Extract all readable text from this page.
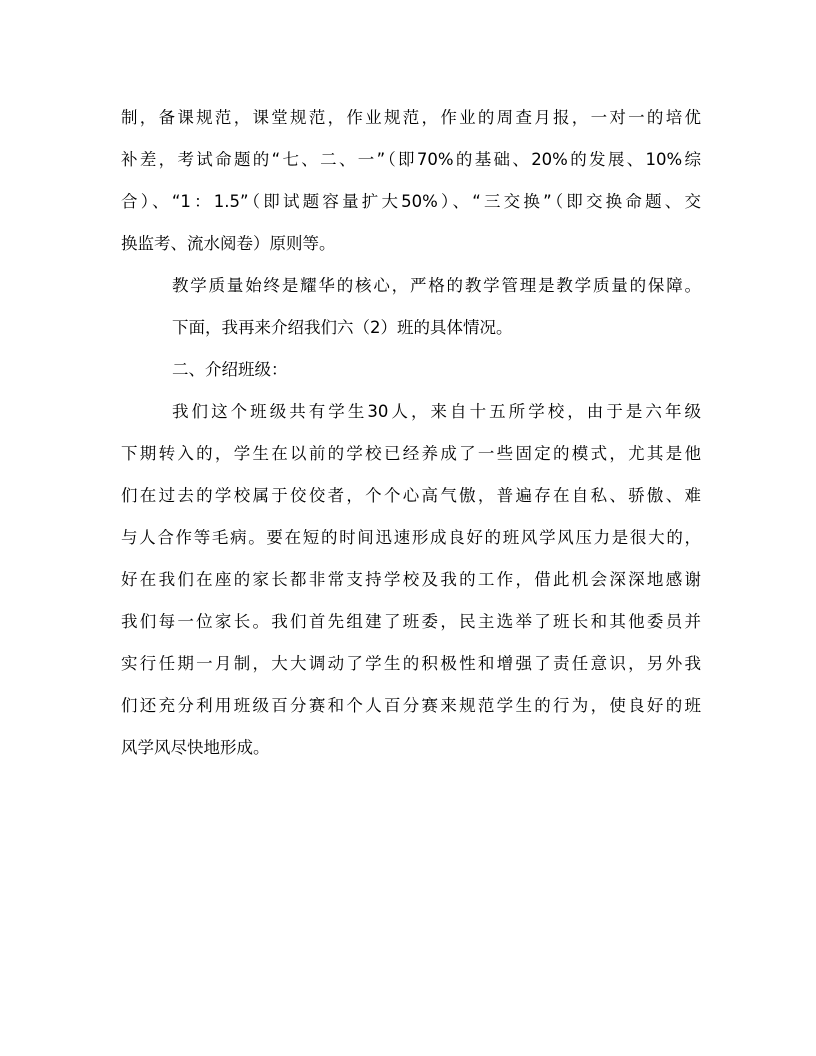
制，备课规范，课堂规范，作业规范，作业的周查月报，一对一的培优
补差，考试命题的“七、二、一”（即70%的基础、20%的发展、10%综
合）、“1：1.5”（即试题容量扩大50%）、“三交换”（即交换命题、交
换监考、流水阅卷）原则等。
教学质量始终是耀华的核心，严格的教学管理是教学质量的保障。
下面，我再来介绍我们六（2）班的具体情况。
二、介绍班级：
我们这个班级共有学生30人，来自十五所学校，由于是六年级
下期转入的，学生在以前的学校已经养成了一些固定的模式，尤其是他
们在过去的学校属于佼佼者，个个心高气傲，普遍存在自私、骄傲、难
与人合作等毛病。要在短的时间迅速形成良好的班风学风压力是很大的，
好在我们在座的家长都非常支持学校及我的工作，借此机会深深地感谢
我们每一位家长。我们首先组建了班委，民主选举了班长和其他委员并
实行任期一月制，大大调动了学生的积极性和增强了责任意识，另外我
们还充分利用班级百分赛和个人百分赛来规范学生的行为，使良好的班
风学风尽快地形成。
